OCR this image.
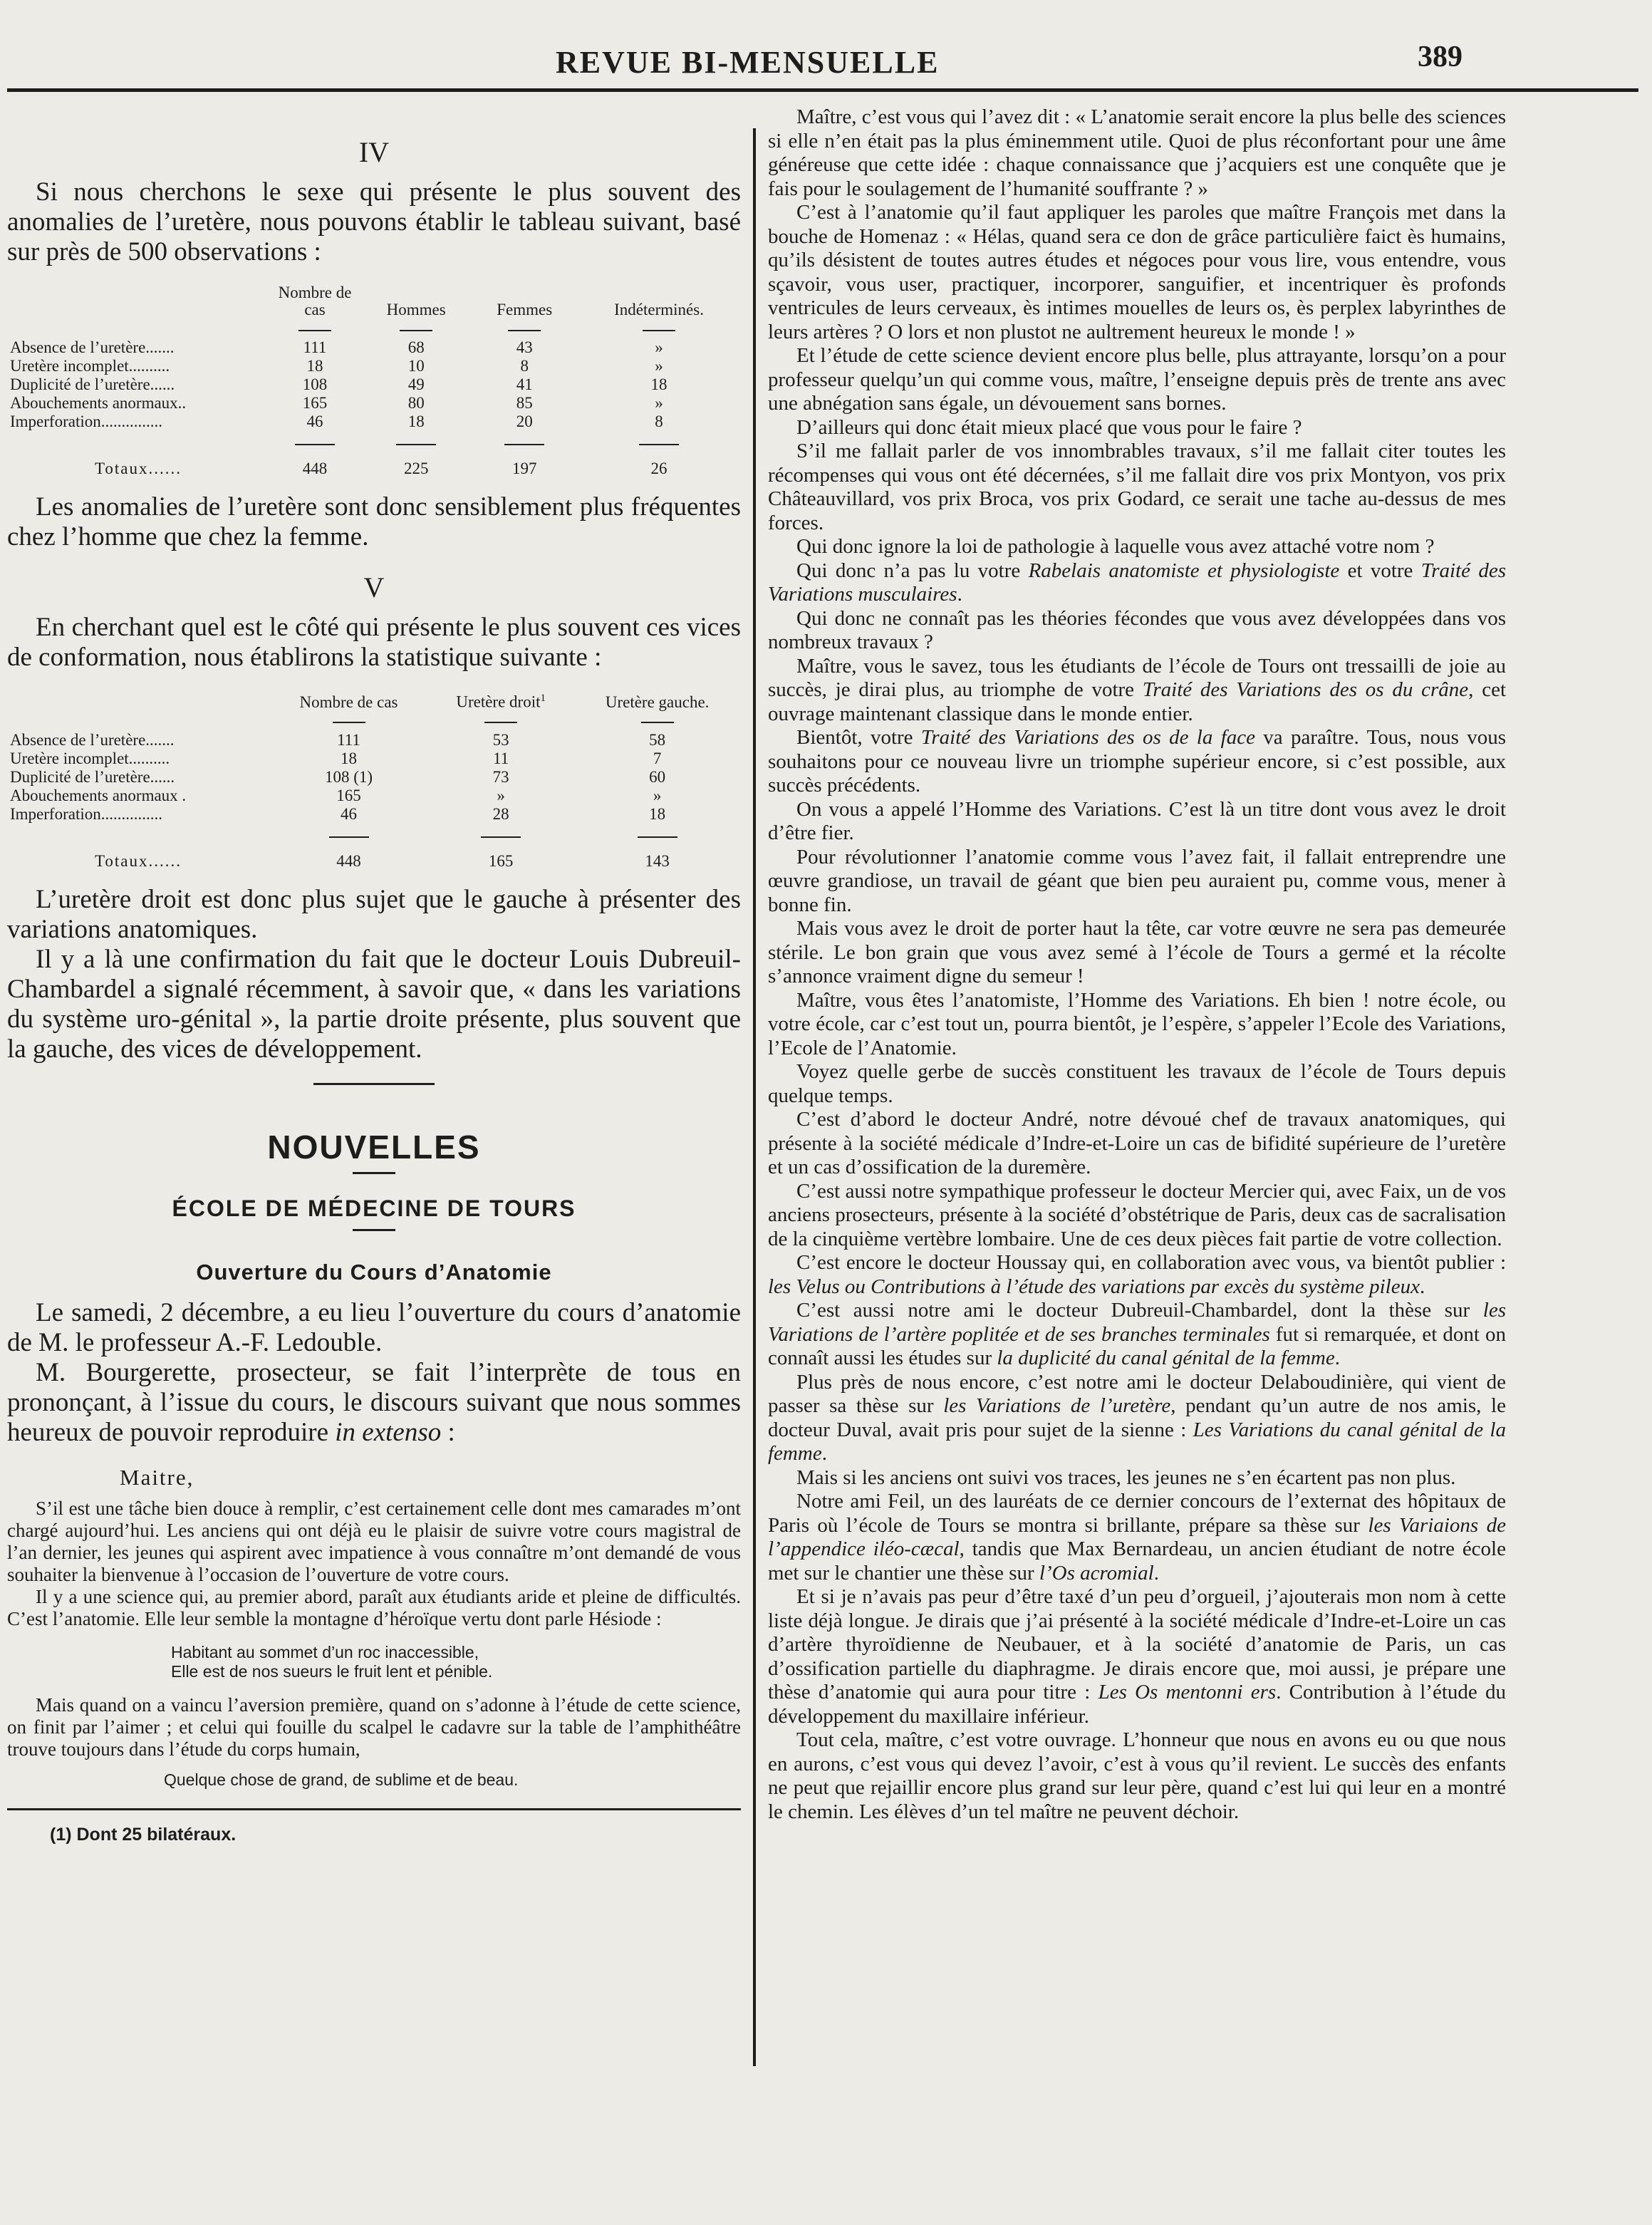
REVUE BI-MENSUELLE	389
IV

Si nous cherchons le sexe qui présente le plus souvent des anomalies de l’uretère, nous pouvons établir le tableau suivant, basé sur près de 500 observations :

	Nombre de cas	Hommes	Femmes	Indéterminés.

Absence de l’uretère.......	111	68	43	»
Uretère incomplet..........	18	10	8	»
Duplicité de l’uretère......	108	49	41	18
Abouchements anormaux..	165	80	85	»
Imperforation...............	46	18	20	8

Totaux......	448	225	197	26

Les anomalies de l’uretère sont donc sensiblement plus fréquentes chez l’homme que chez la femme.

V

En cherchant quel est le côté qui présente le plus souvent ces vices de conformation, nous établirons la statistique suivante :

	Nombre de cas	Uretère droit$^1$	Uretère gauche.

Absence de l’uretère.......	111	53	58
Uretère incomplet..........	18	11	7
Duplicité de l’uretère......	108 (1)	73	60
Abouchements anormaux .	165	»	»
Imperforation...............	46	28	18

Totaux......	448	165	143

L’uretère droit est donc plus sujet que le gauche à présenter des variations anatomiques.

Il y a là une confirmation du fait que le docteur Louis Dubreuil-Chambardel a signalé récemment, à savoir que, « dans les variations du système uro-génital », la partie droite présente, plus souvent que la gauche, des vices de développement.

NOUVELLES
ÉCOLE DE MÉDECINE DE TOURS
Ouverture du Cours d’Anatomie

Le samedi, 2 décembre, a eu lieu l’ouverture du cours d’anatomie de M. le professeur A.-F. Ledouble.

M. Bourgerette, prosecteur, se fait l’interprète de tous en prononçant, à l’issue du cours, le discours suivant que nous sommes heureux de pouvoir reproduire in extenso :

Maitre,

S’il est une tâche bien douce à remplir, c’est certainement celle dont mes camarades m’ont chargé aujourd’hui. Les anciens qui ont déjà eu le plaisir de suivre votre cours magistral de l’an dernier, les jeunes qui aspirent avec impatience à vous connaître m’ont demandé de vous souhaiter la bienvenue à l’occasion de l’ouverture de votre cours.

Il y a une science qui, au premier abord, paraît aux étudiants aride et pleine de difficultés. C’est l’anatomie. Elle leur semble la montagne d’héroïque vertu dont parle Hésiode :

Habitant au sommet d’un roc inaccessible,
Elle est de nos sueurs le fruit lent et pénible.

Mais quand on a vaincu l’aversion première, quand on s’adonne à l’étude de cette science, on finit par l’aimer ; et celui qui fouille du scalpel le cadavre sur la table de l’amphithéâtre trouve toujours dans l’étude du corps humain,

Quelque chose de grand, de sublime et de beau.
(1) Dont 25 bilatéraux.

Maître, c’est vous qui l’avez dit : « L’anatomie serait encore la plus belle des sciences si elle n’en était pas la plus éminemment utile. Quoi de plus réconfortant pour une âme généreuse que cette idée : chaque connaissance que j’acquiers est une conquête que je fais pour le soulagement de l’humanité souffrante ? »

C’est à l’anatomie qu’il faut appliquer les paroles que maître François met dans la bouche de Homenaz : « Hélas, quand sera ce don de grâce particulière faict ès humains, qu’ils désistent de toutes autres études et négoces pour vous lire, vous entendre, vous sçavoir, vous user, practiquer, incorporer, sanguifier, et incentriquer ès profonds ventricules de leurs cerveaux, ès intimes mouelles de leurs os, ès perplex labyrinthes de leurs artères ? O lors et non plustot ne aultrement heureux le monde ! »

Et l’étude de cette science devient encore plus belle, plus attrayante, lorsqu’on a pour professeur quelqu’un qui comme vous, maître, l’enseigne depuis près de trente ans avec une abnégation sans égale, un dévouement sans bornes.

D’ailleurs qui donc était mieux placé que vous pour le faire ?

S’il me fallait parler de vos innombrables travaux, s’il me fallait citer toutes les récompenses qui vous ont été décernées, s’il me fallait dire vos prix Montyon, vos prix Châteauvillard, vos prix Broca, vos prix Godard, ce serait une tache au-dessus de mes forces.

Qui donc ignore la loi de pathologie à laquelle vous avez attaché votre nom ?

Qui donc n’a pas lu votre Rabelais anatomiste et physiologiste et votre Traité des Variations musculaires.

Qui donc ne connaît pas les théories fécondes que vous avez développées dans vos nombreux travaux ?

Maître, vous le savez, tous les étudiants de l’école de Tours ont tressailli de joie au succès, je dirai plus, au triomphe de votre Traité des Variations des os du crâne, cet ouvrage maintenant classique dans le monde entier.

Bientôt, votre Traité des Variations des os de la face va paraître. Tous, nous vous souhaitons pour ce nouveau livre un triomphe supérieur encore, si c’est possible, aux succès précédents.

On vous a appelé l’Homme des Variations. C’est là un titre dont vous avez le droit d’être fier.

Pour révolutionner l’anatomie comme vous l’avez fait, il fallait entreprendre une œuvre grandiose, un travail de géant que bien peu auraient pu, comme vous, mener à bonne fin.

Mais vous avez le droit de porter haut la tête, car votre œuvre ne sera pas demeurée stérile. Le bon grain que vous avez semé à l’école de Tours a germé et la récolte s’annonce vraiment digne du semeur !

Maître, vous êtes l’anatomiste, l’Homme des Variations. Eh bien ! notre école, ou votre école, car c’est tout un, pourra bientôt, je l’espère, s’appeler l’Ecole des Variations, l’Ecole de l’Anatomie.

Voyez quelle gerbe de succès constituent les travaux de l’école de Tours depuis quelque temps.

C’est d’abord le docteur André, notre dévoué chef de travaux anatomiques, qui présente à la société médicale d’Indre-et-Loire un cas de bifidité supérieure de l’uretère et un cas d’ossification de la duremère.

C’est aussi notre sympathique professeur le docteur Mercier qui, avec Faix, un de vos anciens prosecteurs, présente à la société d’obstétrique de Paris, deux cas de sacralisation de la cinquième vertèbre lombaire. Une de ces deux pièces fait partie de votre collection.

C’est encore le docteur Houssay qui, en collaboration avec vous, va bientôt publier : les Velus ou Contributions à l’étude des variations par excès du système pileux.

C’est aussi notre ami le docteur Dubreuil-Chambardel, dont la thèse sur les Variations de l’artère poplitée et de ses branches terminales fut si remarquée, et dont on connaît aussi les études sur la duplicité du canal génital de la femme.

Plus près de nous encore, c’est notre ami le docteur Delaboudinière, qui vient de passer sa thèse sur les Variations de l’uretère, pendant qu’un autre de nos amis, le docteur Duval, avait pris pour sujet de la sienne : Les Variations du canal génital de la femme.

Mais si les anciens ont suivi vos traces, les jeunes ne s’en écartent pas non plus.

Notre ami Feil, un des lauréats de ce dernier concours de l’externat des hôpitaux de Paris où l’école de Tours se montra si brillante, prépare sa thèse sur les Variaions de l’appendice iléo-cæcal, tandis que Max Bernardeau, un ancien étudiant de notre école met sur le chantier une thèse sur l’Os acromial.

Et si je n’avais pas peur d’être taxé d’un peu d’orgueil, j’ajouterais mon nom à cette liste déjà longue. Je dirais que j’ai présenté à la société médicale d’Indre-et-Loire un cas d’artère thyroïdienne de Neubauer, et à la société d’anatomie de Paris, un cas d’ossification partielle du diaphragme. Je dirais encore que, moi aussi, je prépare une thèse d’anatomie qui aura pour titre : Les Os mentonni ers. Contribution à l’étude du développement du maxillaire inférieur.

Tout cela, maître, c’est votre ouvrage. L’honneur que nous en avons eu ou que nous en aurons, c’est vous qui devez l’avoir, c’est à vous qu’il revient. Le succès des enfants ne peut que rejaillir encore plus grand sur leur père, quand c’est lui qui leur en a montré le chemin. Les élèves d’un tel maître ne peuvent déchoir.
